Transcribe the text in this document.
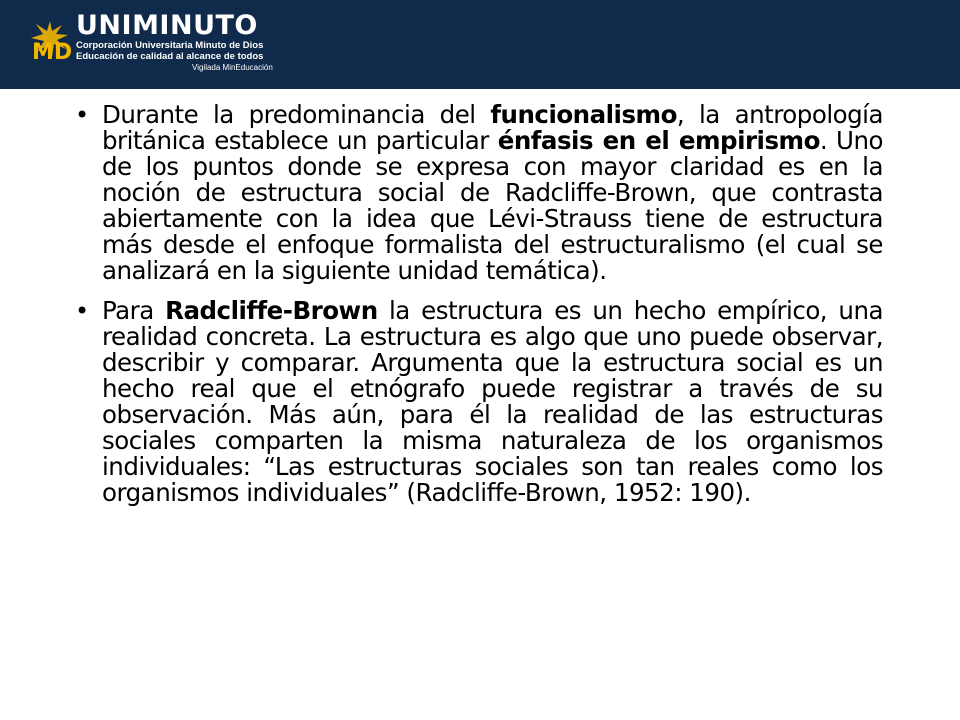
MD
UNIMINUTO
Corporación Universitaria Minuto de Dios
Educación de calidad al alcance de todos
Vigilada MinEducación
• Durante la predominancia del funcionalismo, la antropología británica establece un particular énfasis en el empirismo. Uno de los puntos donde se expresa con mayor claridad es en la noción de estructura social de Radcliffe-Brown, que contrasta abiertamente con la idea que Lévi-Strauss tiene de estructura más desde el enfoque formalista del estructuralismo (el cual se analizará en la siguiente unidad temática).
• Para Radcliffe-Brown la estructura es un hecho empírico, una realidad concreta. La estructura es algo que uno puede observar, describir y comparar. Argumenta que la estructura social es un hecho real que el etnógrafo puede registrar a través de su observación. Más aún, para él la realidad de las estructuras sociales comparten la misma naturaleza de los organismos individuales: “Las estructuras sociales son tan reales como los organismos individuales” (Radcliffe-Brown, 1952: 190).
